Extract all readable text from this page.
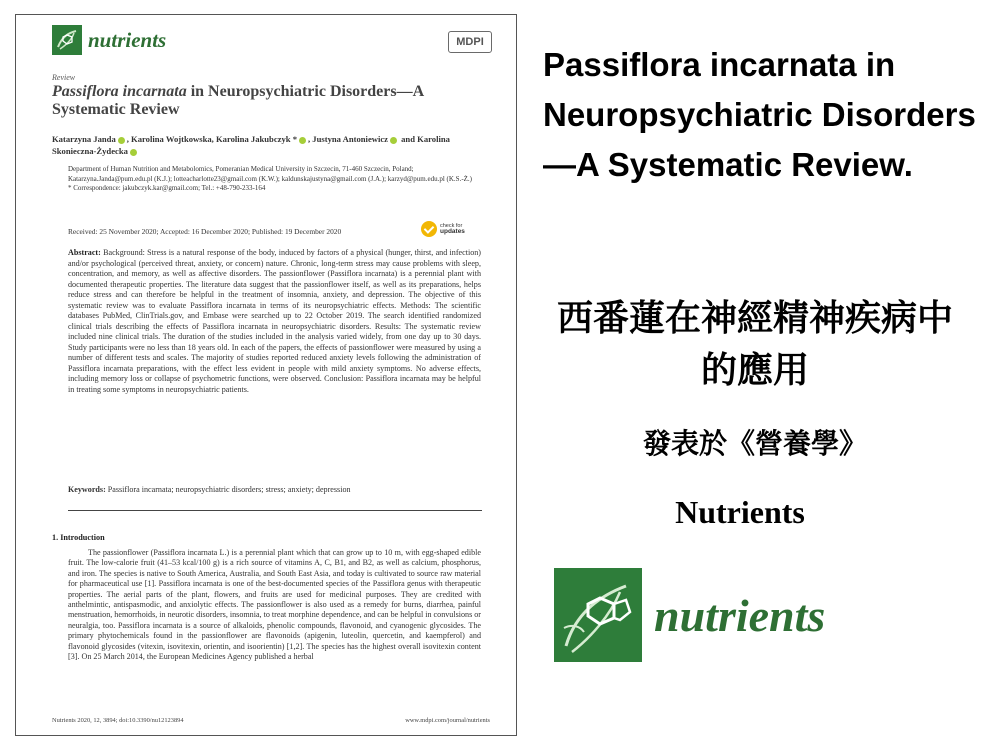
nutrients	MDPI

Review

Passiflora incarnata in Neuropsychiatric Disorders—A Systematic Review

Katarzyna Janda , Karolina Wojtkowska, Karolina Jakubczyk * , Justyna Antoniewicz and Karolina Skonieczna-Żydecka

Department of Human Nutrition and Metabolomics, Pomeranian Medical University in Szczecin, 71-460 Szczecin, Poland; Katarzyna.Janda@pum.edu.pl (K.J.); lotteacharlotte23@gmail.com (K.W.); kaldunskajustyna@gmail.com (J.A.); karzyd@pum.edu.pl (K.S.-Ż.)
* Correspondence: jakubczyk.kar@gmail.com; Tel.: +48-790-233-164

Received: 25 November 2020; Accepted: 16 December 2020; Published: 19 December 2020

check for
updates

Abstract: Background: Stress is a natural response of the body, induced by factors of a physical (hunger, thirst, and infection) and/or psychological (perceived threat, anxiety, or concern) nature. Chronic, long-term stress may cause problems with sleep, concentration, and memory, as well as affective disorders. The passionflower (Passiflora incarnata) is a perennial plant with documented therapeutic properties. The literature data suggest that the passionflower itself, as well as its preparations, helps reduce stress and can therefore be helpful in the treatment of insomnia, anxiety, and depression. The objective of this systematic review was to evaluate Passiflora incarnata in terms of its neuropsychiatric effects. Methods: The scientific databases PubMed, ClinTrials.gov, and Embase were searched up to 22 October 2019. The search identified randomized clinical trials describing the effects of Passiflora incarnata in neuropsychiatric disorders. Results: The systematic review included nine clinical trials. The duration of the studies included in the analysis varied widely, from one day up to 30 days. Study participants were no less than 18 years old. In each of the papers, the effects of passionflower were measured by using a number of different tests and scales. The majority of studies reported reduced anxiety levels following the administration of Passiflora incarnata preparations, with the effect less evident in people with mild anxiety symptoms. No adverse effects, including memory loss or collapse of psychometric functions, were observed. Conclusion: Passiflora incarnata may be helpful in treating some symptoms in neuropsychiatric patients.

Keywords: Passiflora incarnata; neuropsychiatric disorders; stress; anxiety; depression

1. Introduction

The passionflower (Passiflora incarnata L.) is a perennial plant which that can grow up to 10 m, with egg-shaped edible fruit. The low-calorie fruit (41–53 kcal/100 g) is a rich source of vitamins A, C, B1, and B2, as well as calcium, phosphorus, and iron. The species is native to South America, Australia, and South East Asia, and today is cultivated to source raw material for pharmaceutical use [1]. Passiflora incarnata is one of the best-documented species of the Passiflora genus with therapeutic properties. The aerial parts of the plant, flowers, and fruits are used for medicinal purposes. They are credited with anthelmintic, antispasmodic, and anxiolytic effects. The passionflower is also used as a remedy for burns, diarrhea, painful menstruation, hemorrhoids, in neurotic disorders, insomnia, to treat morphine dependence, and can be helpful in convulsions or neuralgia, too. Passiflora incarnata is a source of alkaloids, phenolic compounds, flavonoid, and cyanogenic glycosides. The primary phytochemicals found in the passionflower are flavonoids (apigenin, luteolin, quercetin, and kaempferol) and flavonoid glycosides (vitexin, isovitexin, orientin, and isoorientin) [1,2]. The species has the highest overall isovitexin content [3]. On 25 March 2014, the European Medicines Agency published a herbal

Nutrients 2020, 12, 3894; doi:10.3390/nu12123894	www.mdpi.com/journal/nutrients

Passiflora incarnata in Neuropsychiatric Disorders—A Systematic Review.

西番蓮在神經精神疾病中的應用

發表於《營養學》

Nutrients

nutrients
